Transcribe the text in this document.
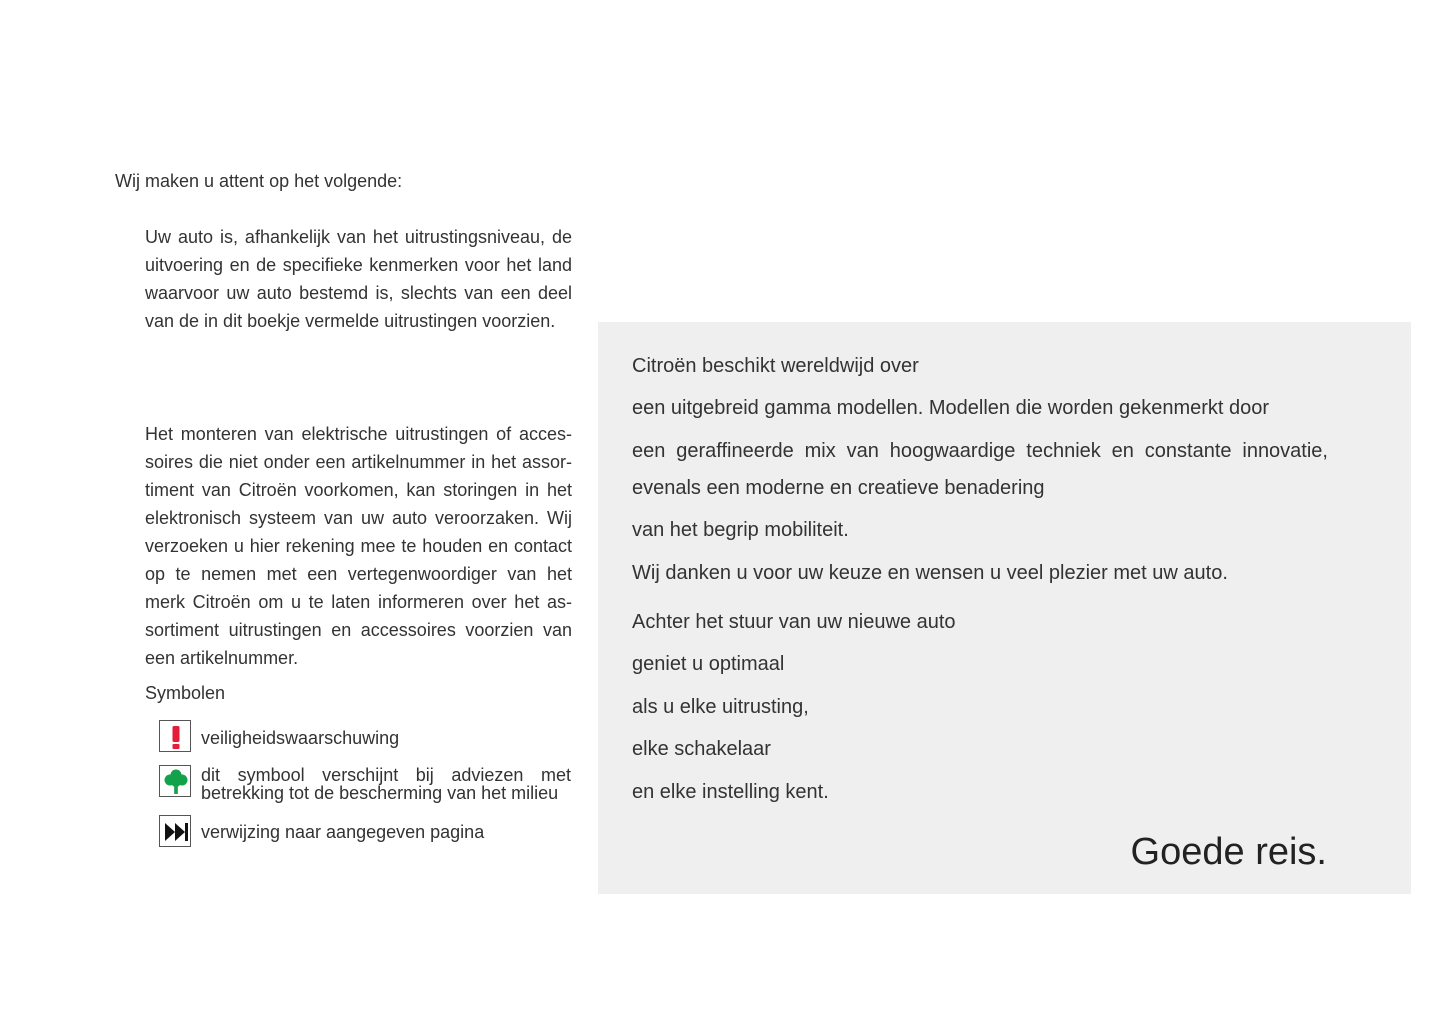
Wij maken u attent op het volgende:

Uw auto is, afhankelijk van het uitrustingsniveau, de uitvoering en de specifieke kenmerken voor het land waarvoor uw auto bestemd is, slechts van een deel van de in dit boekje vermelde uitrustingen voorzien.

Het monteren van elektrische uitrustingen of accessoires die niet onder een artikelnummer in het assortiment van Citroën voorkomen, kan storingen in het elektronisch systeem van uw auto veroorzaken. Wij verzoeken u hier rekening mee te houden en contact op te nemen met een vertegenwoordiger van het merk Citroën om u te laten informeren over het assortiment uitrustingen en accessoires voorzien van een artikelnummer.

Symbolen

veiligheidswaarschuwing

dit symbool verschijnt bij adviezen met
betrekking tot de bescherming van het milieu

verwijzing naar aangegeven pagina

Citroën beschikt wereldwijd over

een uitgebreid gamma modellen. Modellen die worden gekenmerkt door

een geraffineerde mix van hoogwaardige techniek en constante innovatie,

evenals een moderne en creatieve benadering

van het begrip mobiliteit.

Wij danken u voor uw keuze en wensen u veel plezier met uw auto.

Achter het stuur van uw nieuwe auto

geniet u optimaal

als u elke uitrusting,

elke schakelaar

en elke instelling kent.

Goede reis.
